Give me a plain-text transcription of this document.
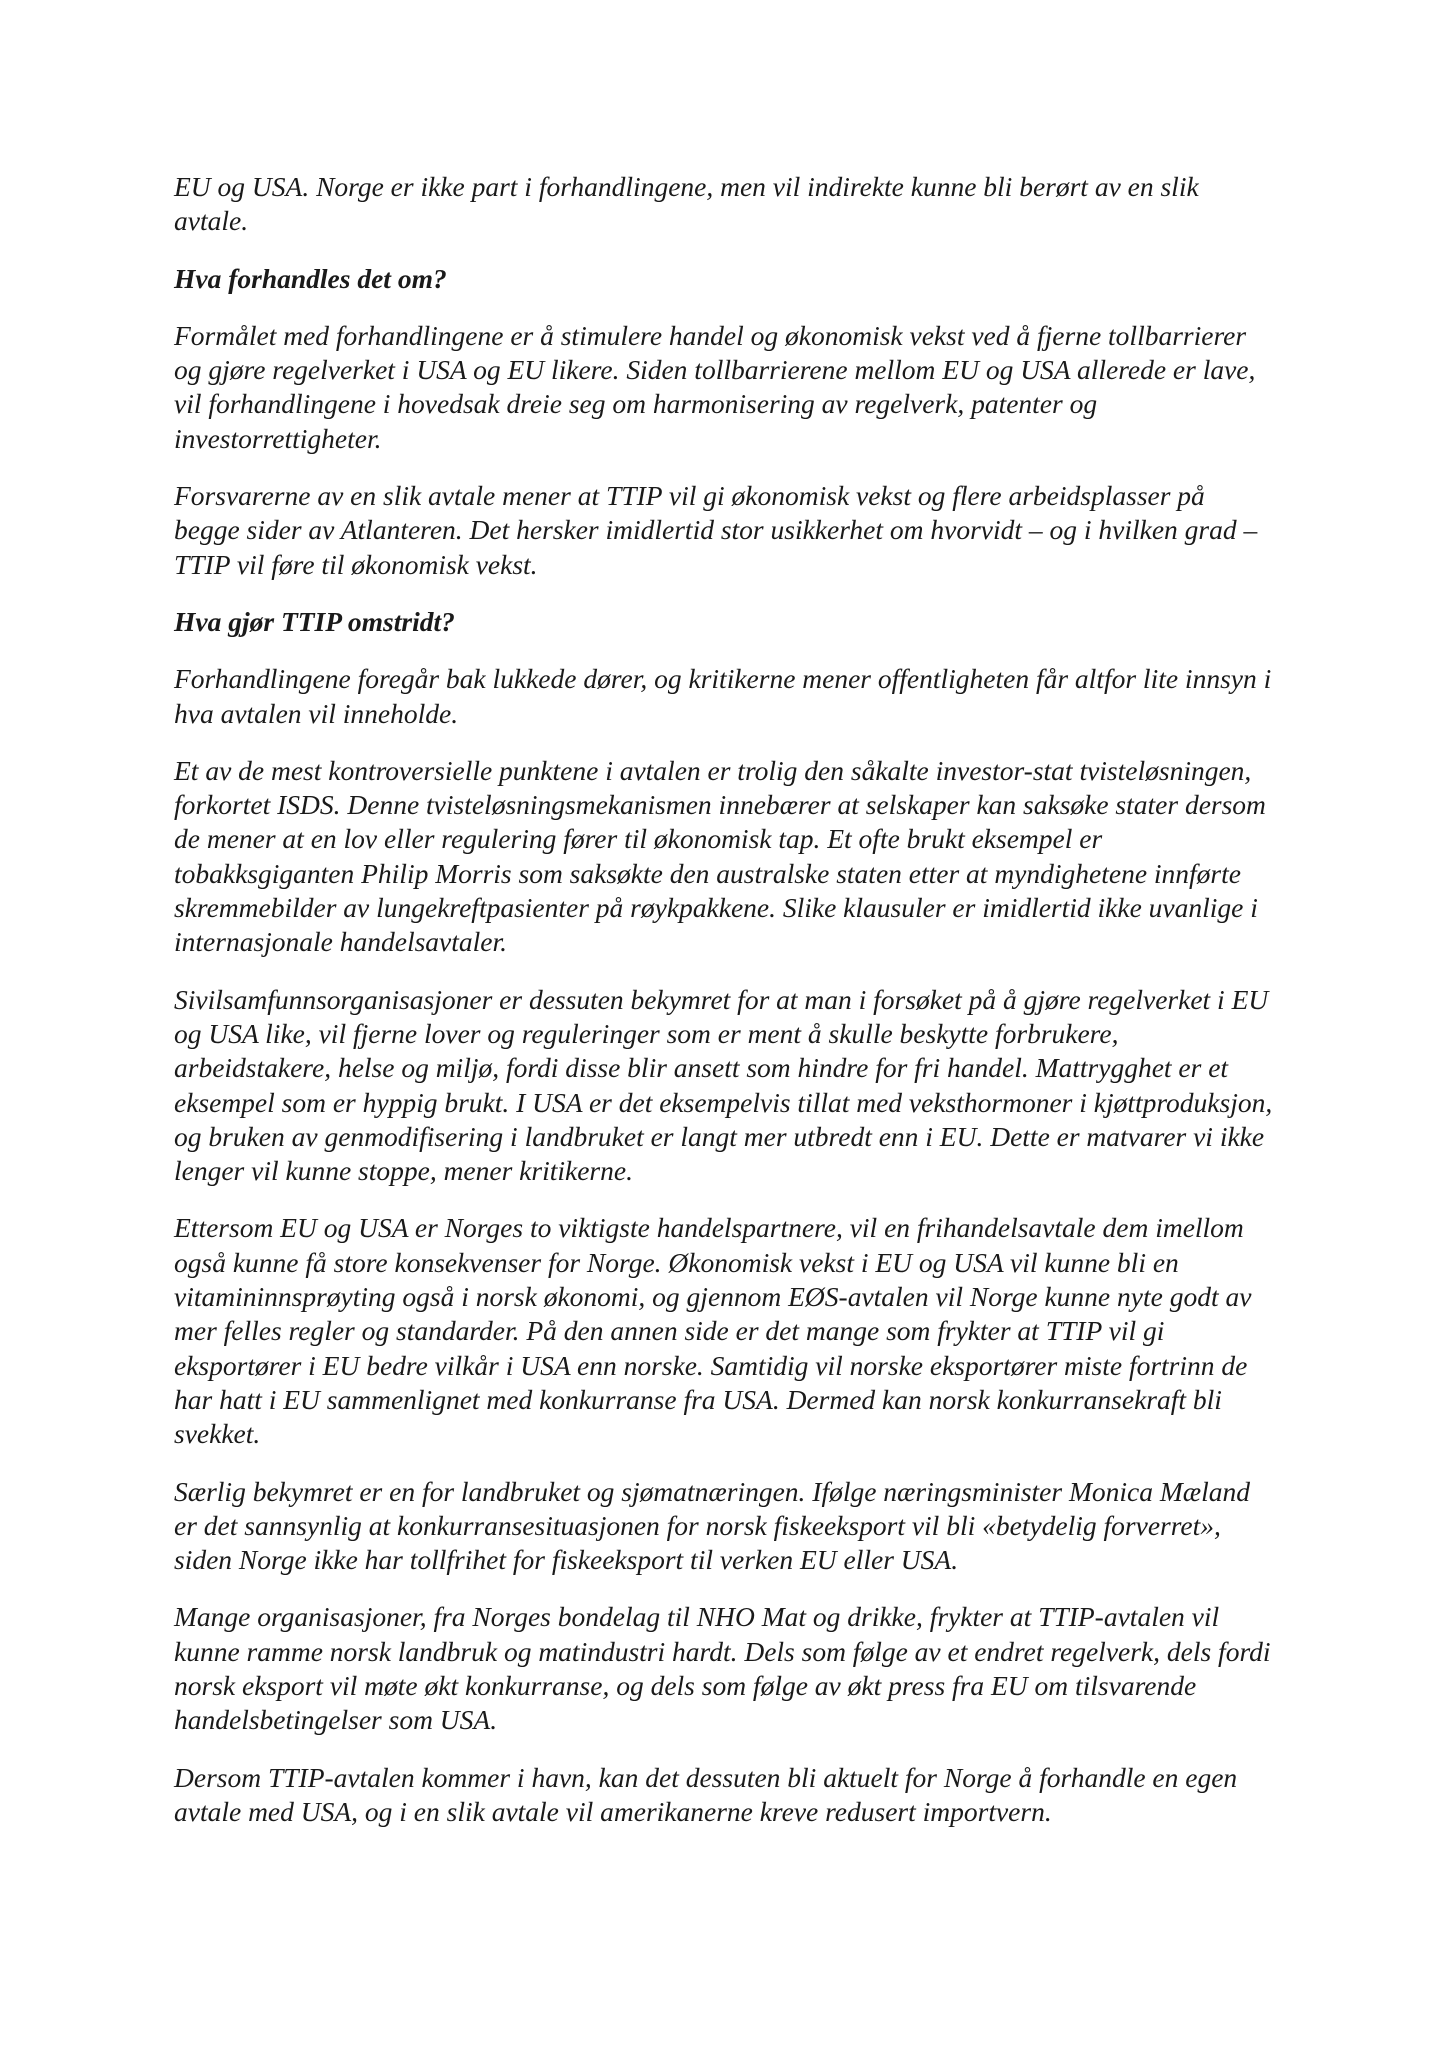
EU og USA. Norge er ikke part i forhandlingene, men vil indirekte kunne bli berørt av en slik avtale.

Hva forhandles det om?

Formålet med forhandlingene er å stimulere handel og økonomisk vekst ved å fjerne tollbarrierer og gjøre regelverket i USA og EU likere. Siden tollbarrierene mellom EU og USA allerede er lave, vil forhandlingene i hovedsak dreie seg om harmonisering av regelverk, patenter og investorrettigheter.

Forsvarerne av en slik avtale mener at TTIP vil gi økonomisk vekst og flere arbeidsplasser på begge sider av Atlanteren. Det hersker imidlertid stor usikkerhet om hvorvidt – og i hvilken grad – TTIP vil føre til økonomisk vekst.

Hva gjør TTIP omstridt?

Forhandlingene foregår bak lukkede dører, og kritikerne mener offentligheten får altfor lite innsyn i hva avtalen vil inneholde.

Et av de mest kontroversielle punktene i avtalen er trolig den såkalte investor-stat tvisteløsningen, forkortet ISDS. Denne tvisteløsningsmekanismen innebærer at selskaper kan saksøke stater dersom de mener at en lov eller regulering fører til økonomisk tap. Et ofte brukt eksempel er tobakksgiganten Philip Morris som saksøkte den australske staten etter at myndighetene innførte skremmebilder av lungekreftpasienter på røykpakkene. Slike klausuler er imidlertid ikke uvanlige i internasjonale handelsavtaler.

Sivilsamfunnsorganisasjoner er dessuten bekymret for at man i forsøket på å gjøre regelverket i EU og USA like, vil fjerne lover og reguleringer som er ment å skulle beskytte forbrukere, arbeidstakere, helse og miljø, fordi disse blir ansett som hindre for fri handel. Mattrygghet er et eksempel som er hyppig brukt. I USA er det eksempelvis tillat med veksthormoner i kjøttproduksjon, og bruken av genmodifisering i landbruket er langt mer utbredt enn i EU. Dette er matvarer vi ikke lenger vil kunne stoppe, mener kritikerne.

Ettersom EU og USA er Norges to viktigste handelspartnere, vil en frihandelsavtale dem imellom også kunne få store konsekvenser for Norge. Økonomisk vekst i EU og USA vil kunne bli en vitamininnsprøyting også i norsk økonomi, og gjennom EØS-avtalen vil Norge kunne nyte godt av mer felles regler og standarder. På den annen side er det mange som frykter at TTIP vil gi eksportører i EU bedre vilkår i USA enn norske. Samtidig vil norske eksportører miste fortrinn de har hatt i EU sammenlignet med konkurranse fra USA. Dermed kan norsk konkurransekraft bli svekket.

Særlig bekymret er en for landbruket og sjømatnæringen. Ifølge næringsminister Monica Mæland er det sannsynlig at konkurransesituasjonen for norsk fiskeeksport vil bli «betydelig forverret», siden Norge ikke har tollfrihet for fiskeeksport til verken EU eller USA.

Mange organisasjoner, fra Norges bondelag til NHO Mat og drikke, frykter at TTIP-avtalen vil kunne ramme norsk landbruk og matindustri hardt. Dels som følge av et endret regelverk, dels fordi norsk eksport vil møte økt konkurranse, og dels som følge av økt press fra EU om tilsvarende handelsbetingelser som USA.

Dersom TTIP-avtalen kommer i havn, kan det dessuten bli aktuelt for Norge å forhandle en egen avtale med USA, og i en slik avtale vil amerikanerne kreve redusert importvern.
